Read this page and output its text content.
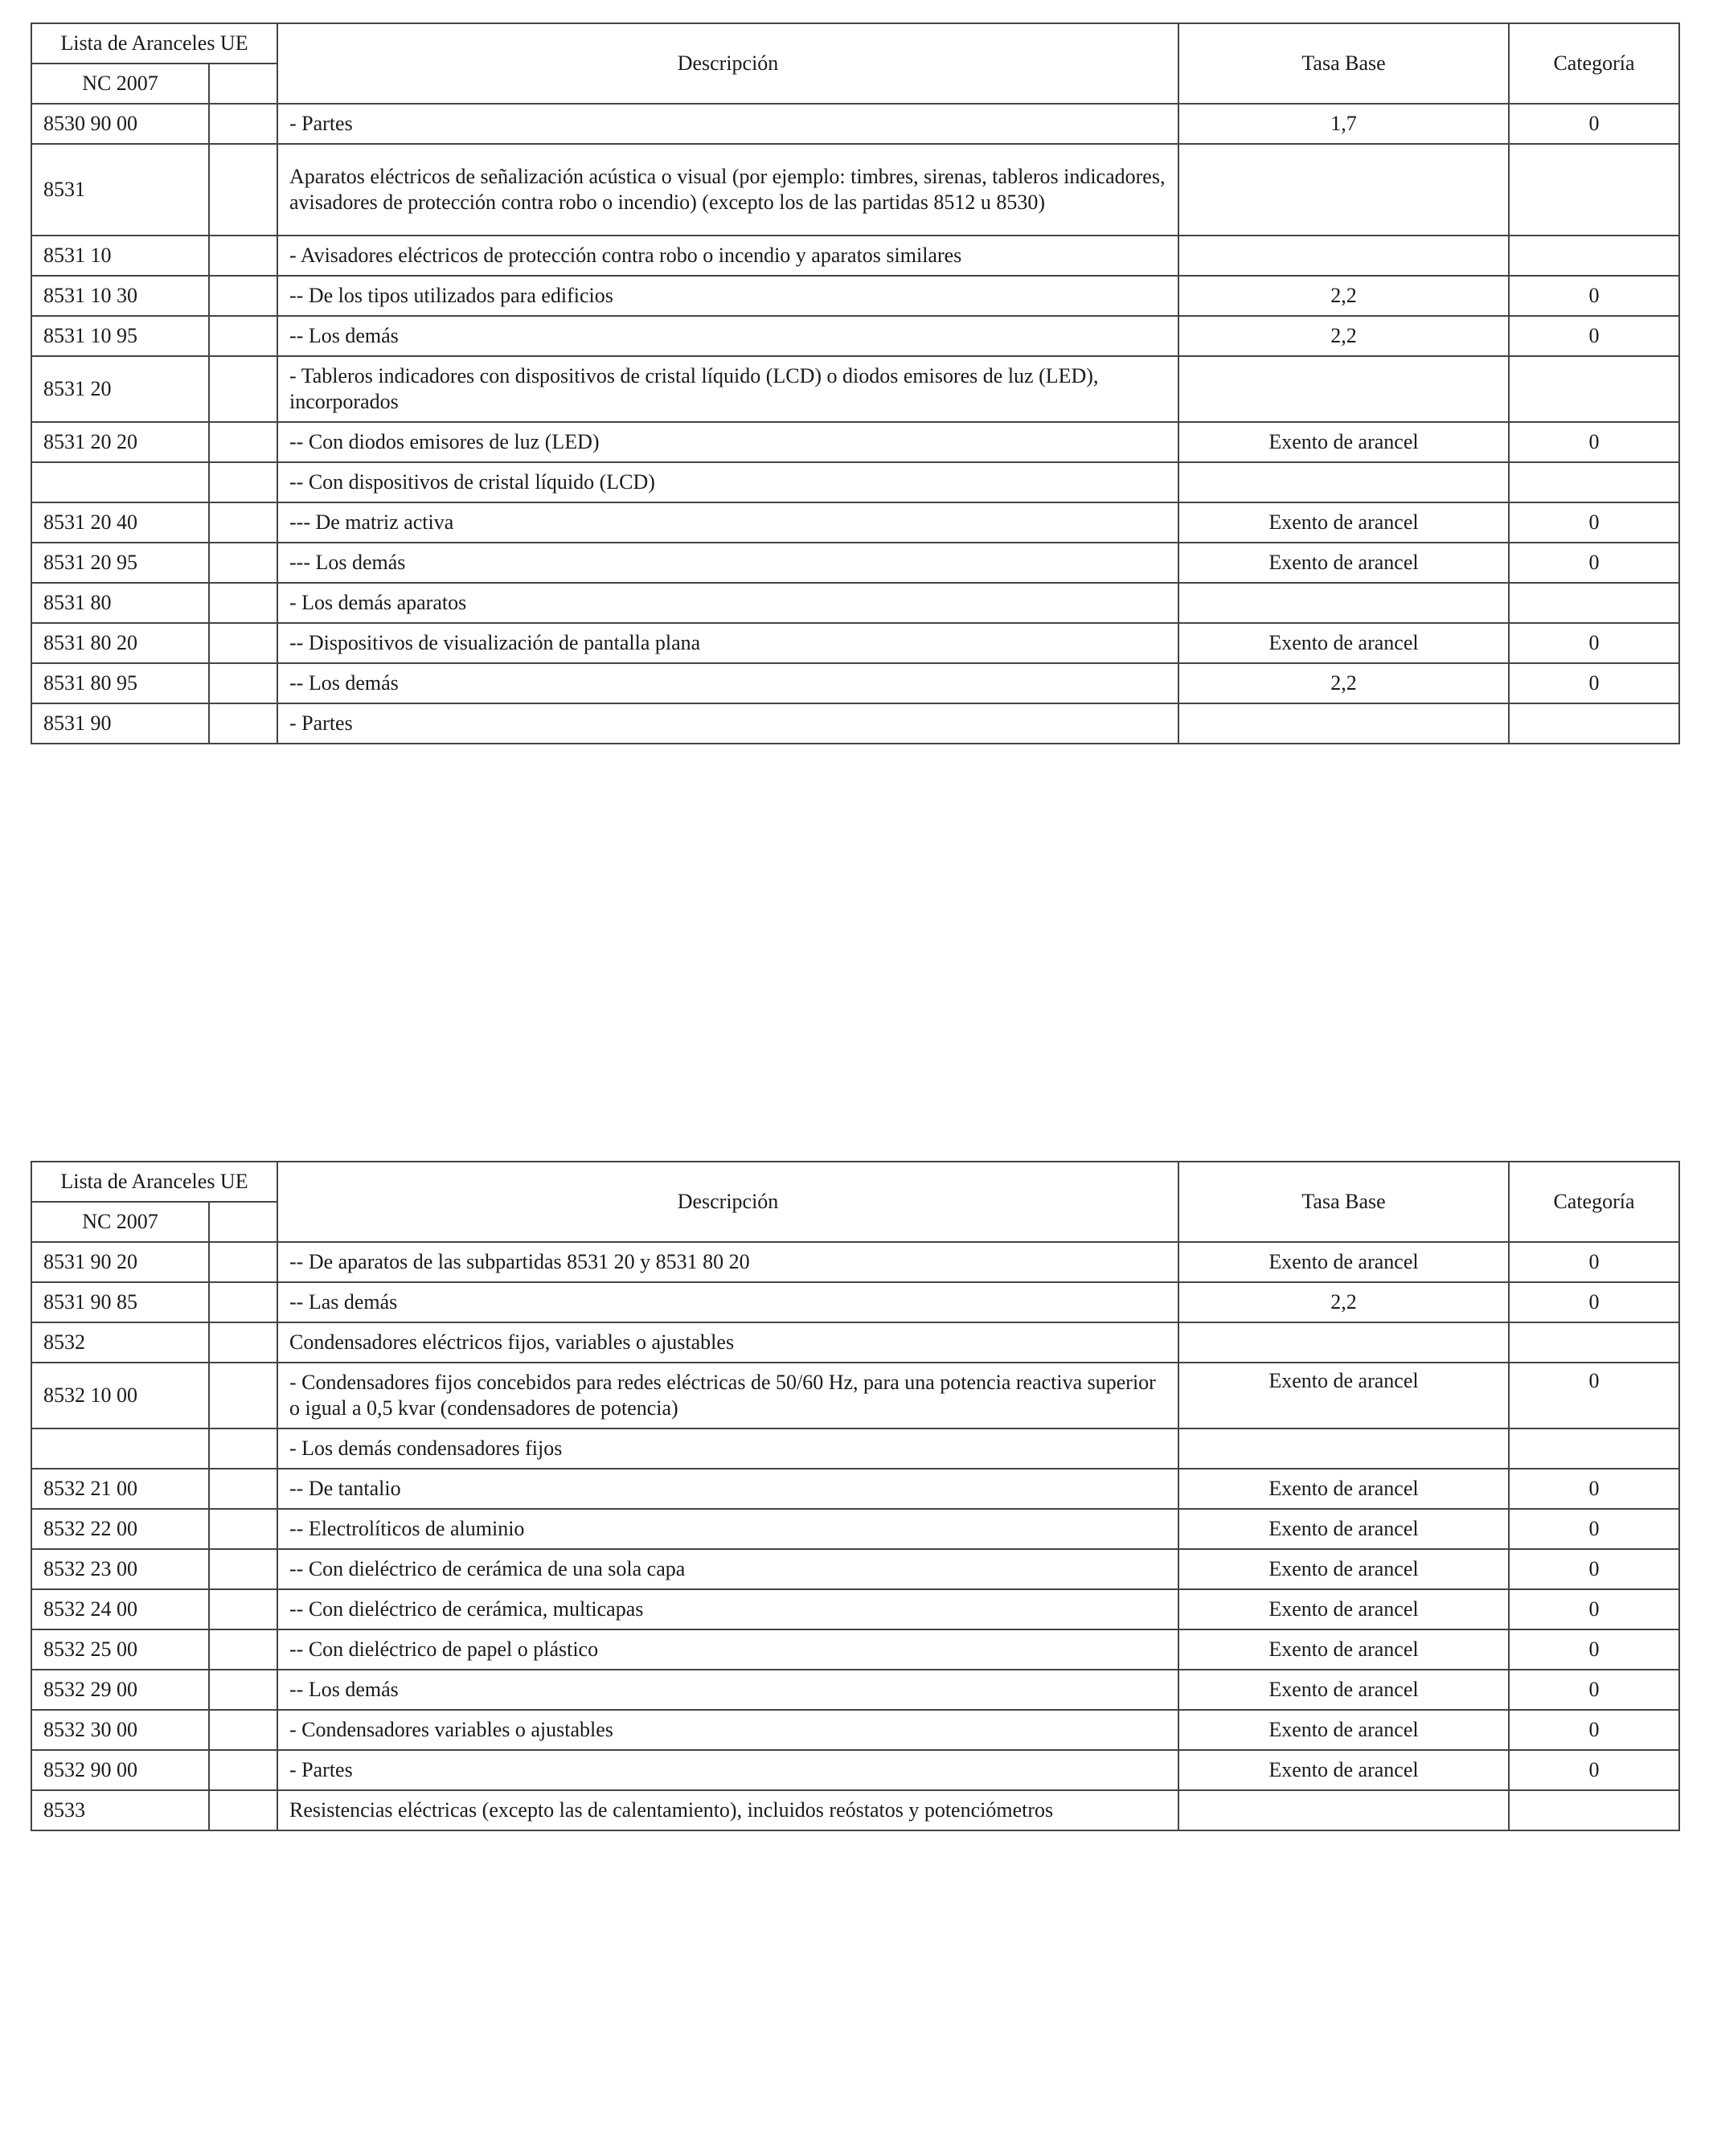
Lista de Aranceles UE		Descripción	Tasa Base	Categoría
NC 2007				
8530 90 00		- Partes	1,7	0
8531		Aparatos eléctricos de señalización acústica o visual (por ejemplo: timbres, sirenas, tableros indicadores, avisadores de protección contra robo o incendio) (excepto los de las partidas 8512 u 8530)		
8531 10		- Avisadores eléctricos de protección contra robo o incendio y aparatos similares		
8531 10 30		-- De los tipos utilizados para edificios	2,2	0
8531 10 95		-- Los demás	2,2	0
8531 20		- Tableros indicadores con dispositivos de cristal líquido (LCD) o diodos emisores de luz (LED), incorporados		
8531 20 20		-- Con diodos emisores de luz (LED)	Exento de arancel	0
		-- Con dispositivos de cristal líquido (LCD)		
8531 20 40		--- De matriz activa	Exento de arancel	0
8531 20 95		--- Los demás	Exento de arancel	0
8531 80		- Los demás aparatos		
8531 80 20		-- Dispositivos de visualización de pantalla plana	Exento de arancel	0
8531 80 95		-- Los demás	2,2	0
8531 90		- Partes		
Lista de Aranceles UE		Descripción	Tasa Base	Categoría
NC 2007				
8531 90 20		-- De aparatos de las subpartidas 8531 20 y 8531 80 20	Exento de arancel	0
8531 90 85		-- Las demás	2,2	0
8532		Condensadores eléctricos fijos, variables o ajustables		
8532 10 00		- Condensadores fijos concebidos para redes eléctricas de 50/60 Hz, para una potencia reactiva superior o igual a 0,5 kvar (condensadores de potencia)	Exento de arancel	0
		- Los demás condensadores fijos		
8532 21 00		-- De tantalio	Exento de arancel	0
8532 22 00		-- Electrolíticos de aluminio	Exento de arancel	0
8532 23 00		-- Con dieléctrico de cerámica de una sola capa	Exento de arancel	0
8532 24 00		-- Con dieléctrico de cerámica, multicapas	Exento de arancel	0
8532 25 00		-- Con dieléctrico de papel o plástico	Exento de arancel	0
8532 29 00		-- Los demás	Exento de arancel	0
8532 30 00		- Condensadores variables o ajustables	Exento de arancel	0
8532 90 00		- Partes	Exento de arancel	0
8533		Resistencias eléctricas (excepto las de calentamiento), incluidos reóstatos y potenciómetros		
